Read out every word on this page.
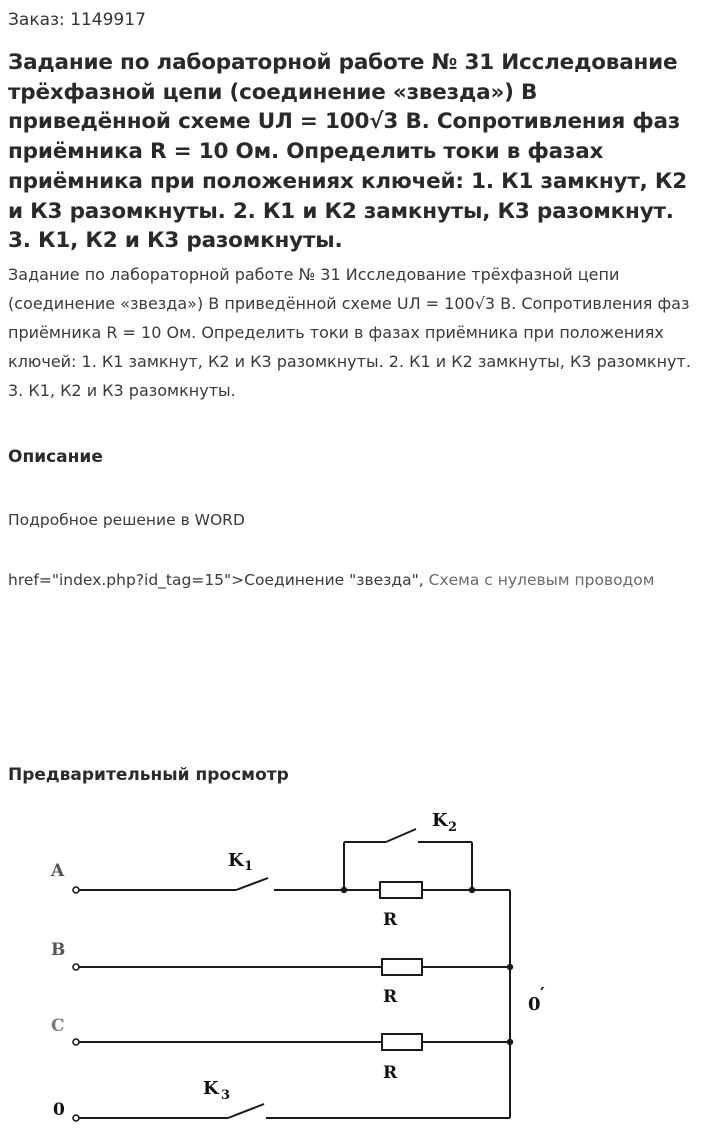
Заказ: 1149917
Задание по лабораторной работе № 31 Исследование трёхфазной цепи (соединение «звезда») В приведённой схеме UЛ = 100√3 В. Сопротивления фаз приёмника R = 10 Ом. Определить токи в фазах приёмника при положениях ключей: 1. К1 замкнут, К2 и К3 разомкнуты. 2. К1 и К2 замкнуты, К3 разомкнут. 3. К1, К2 и К3 разомкнуты.

Задание по лабораторной работе № 31 Исследование трёхфазной цепи (соединение «звезда») В приведённой схеме UЛ = 100√3 В. Сопротивления фаз приёмника R = 10 Ом. Определить токи в фазах приёмника при положениях ключей: 1. К1 замкнут, К2 и К3 разомкнуты. 2. К1 и К2 замкнуты, К3 разомкнут. 3. К1, К2 и К3 разомкнуты.

Описание
Подробное решение в WORD
href="index.php?id_tag=15">Соединение "звезда", Схема с нулевым проводом
Предварительный просмотр
A
B
C
0
K 1
K 2
K 3
R
R
R
0 ′
